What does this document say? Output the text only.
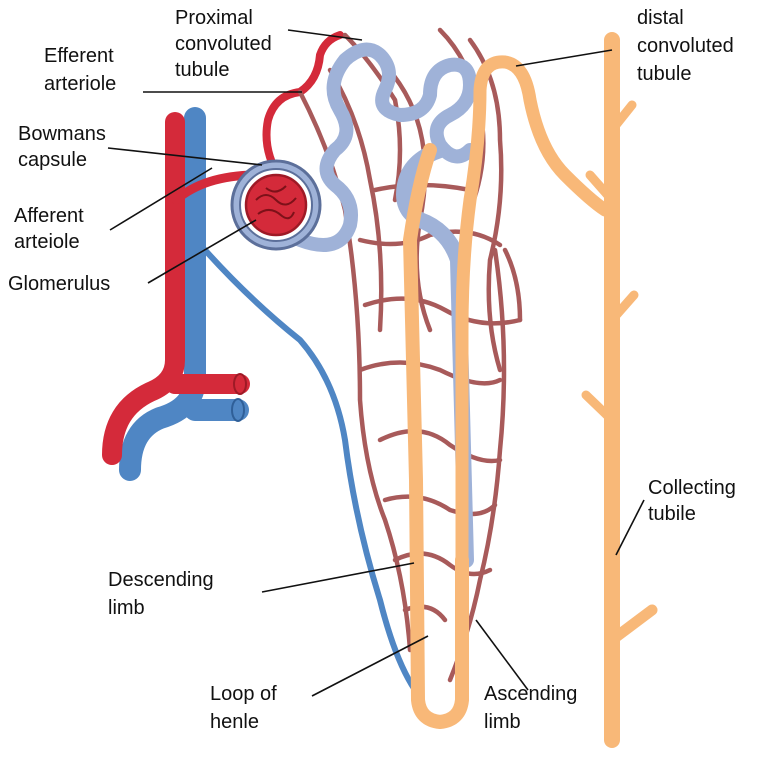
Proximal
convoluted
tubule
Efferent
arteriole
Bowmans
capsule
Afferent
arteiole
Glomerulus
distal
convoluted
tubule
Collecting
tubile
Descending
limb
Loop of
henle
Ascending
limb
